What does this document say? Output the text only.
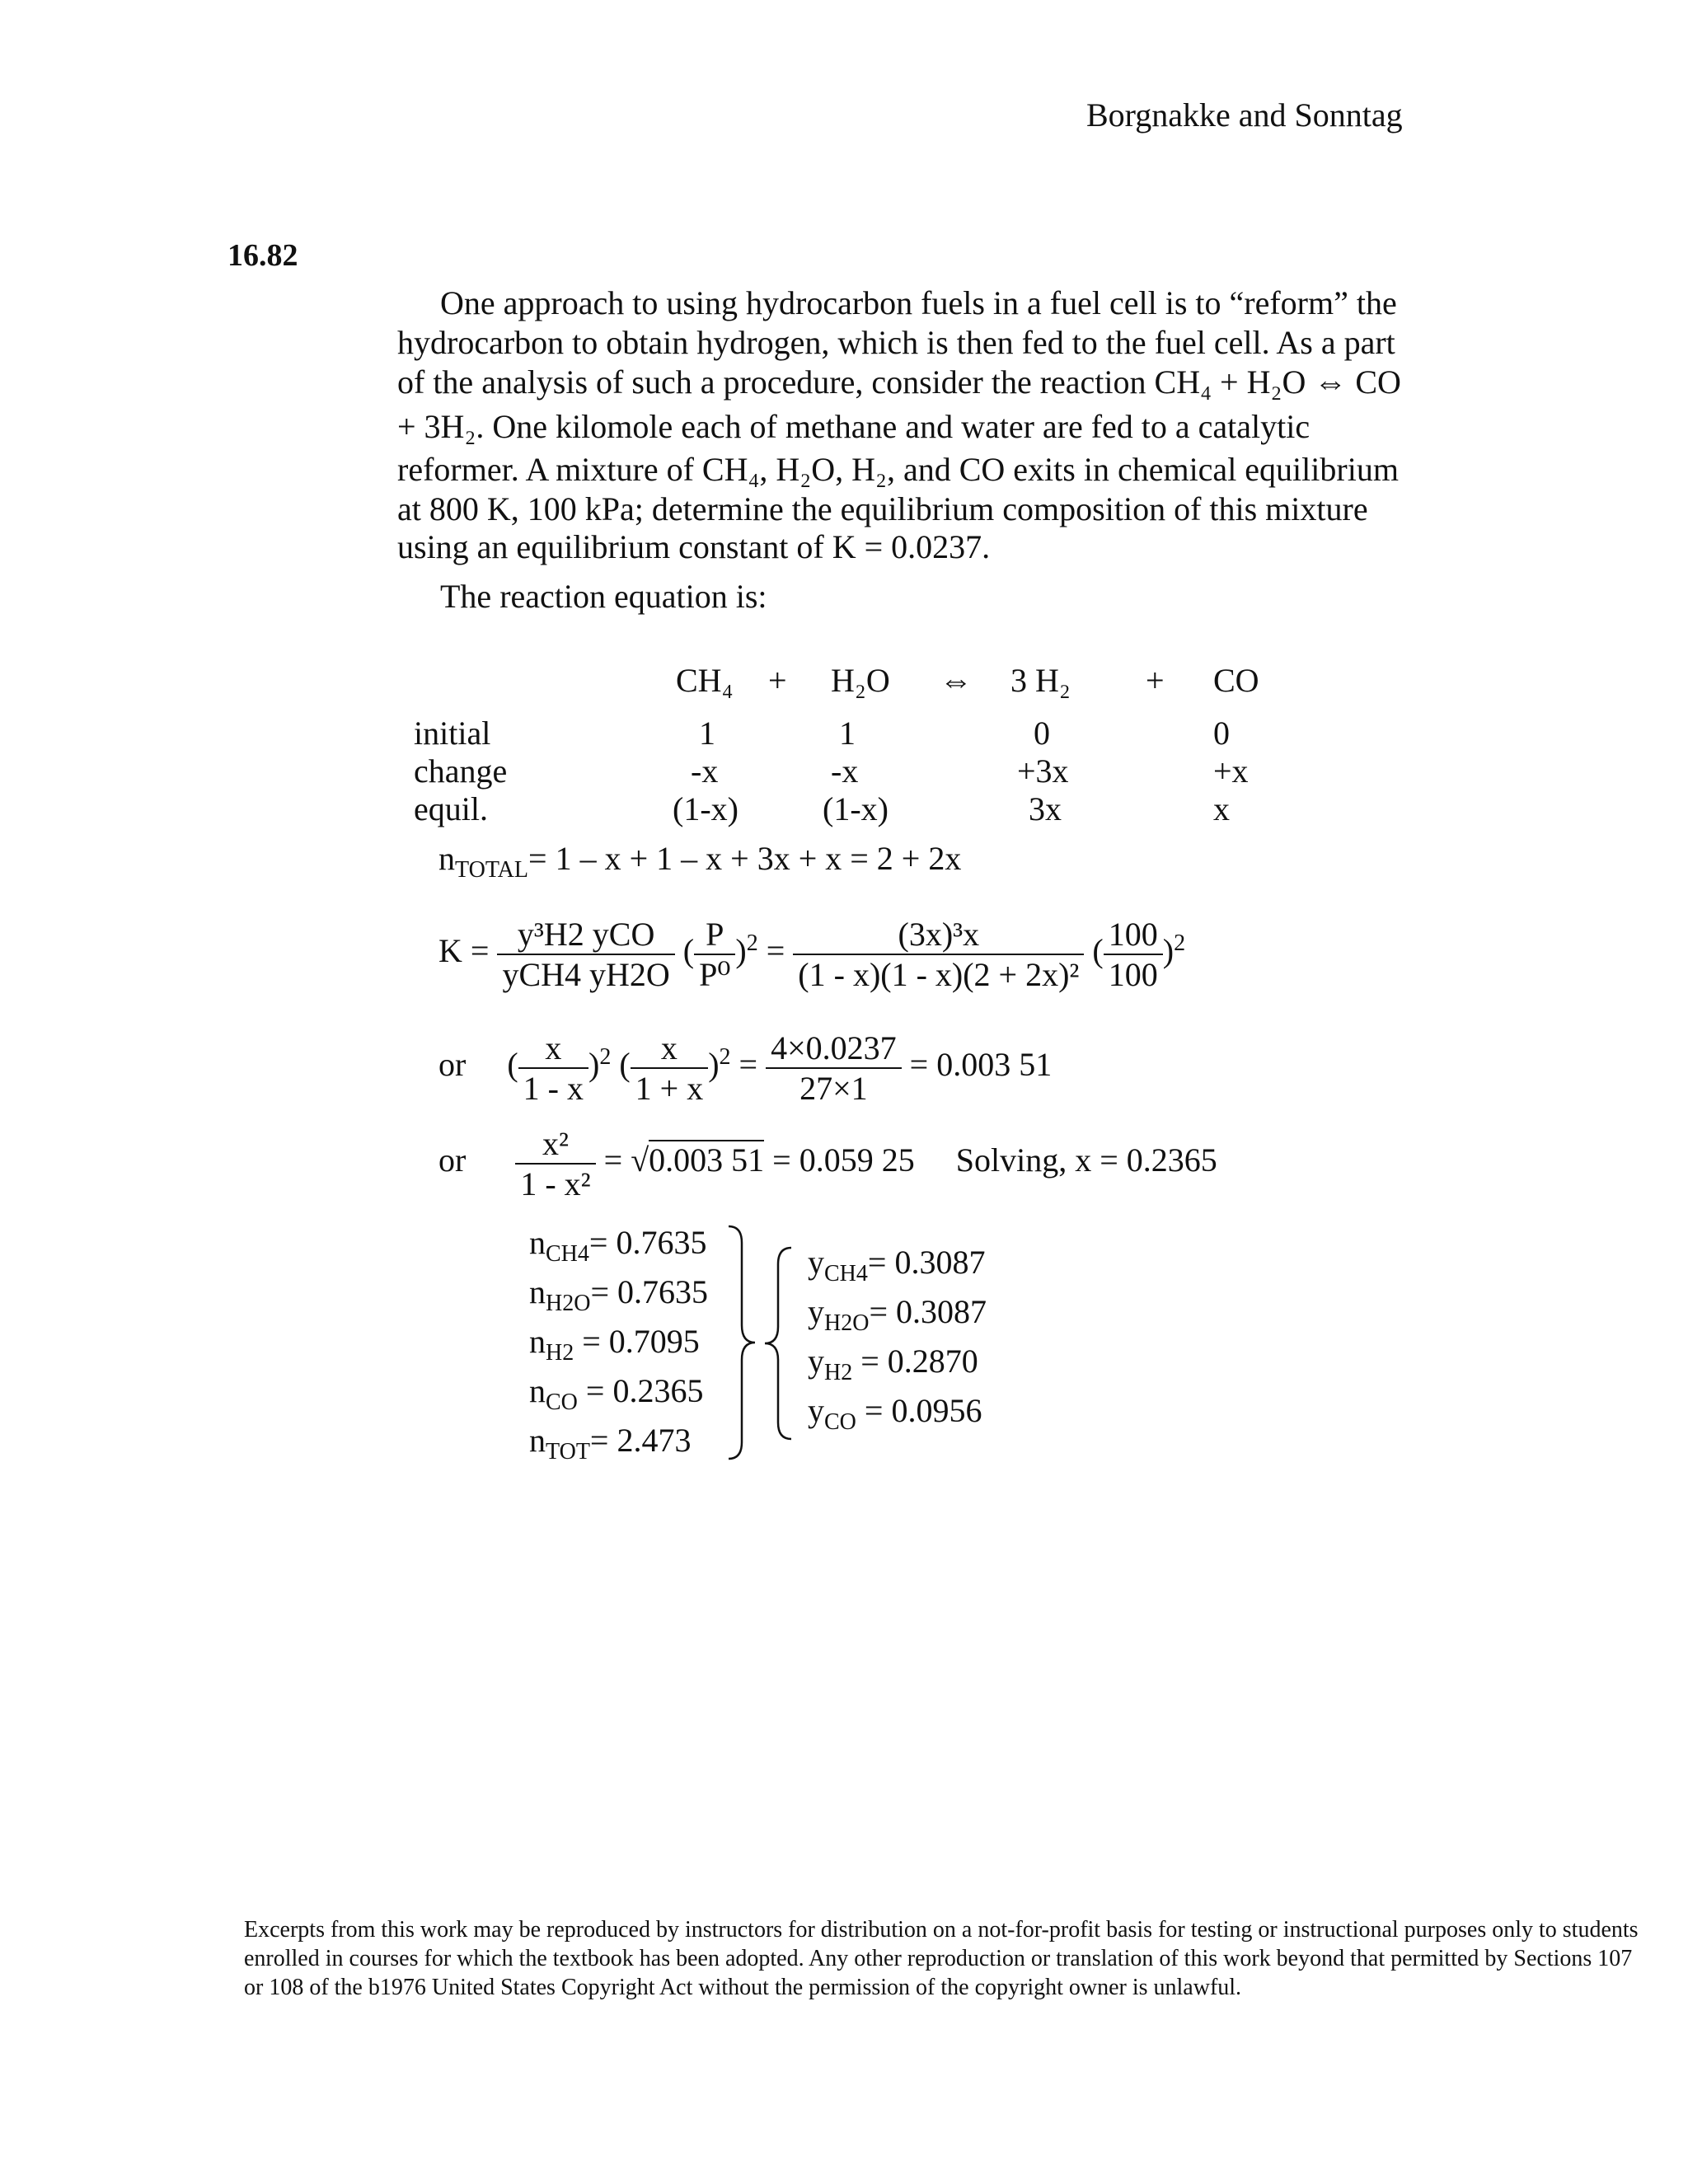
Borgnakke and Sonntag
16.82
One approach to using hydrocarbon fuels in a fuel cell is to “reform” the
hydrocarbon to obtain hydrogen, which is then fed to the fuel cell. As a part
of the analysis of such a procedure, consider the reaction CH₄ + H₂O ⇔ CO
+ 3H₂. One kilomole each of methane and water are fed to a catalytic
reformer. A mixture of CH₄, H₂O, H₂, and CO exits in chemical equilibrium
at 800 K, 100 kPa; determine the equilibrium composition of this mixture
using an equilibrium constant of K = 0.0237.
The reaction equation is:
CH₄ + H₂O ⇔ 3 H₂ + CO
initial	1	1	0	0
change	-x	-x	+3x	+x
equil.	(1-x)	(1-x)	3x	x
$n_{TOTAL}= 1 - x + 1 - x + 3x + x = 2 + 2x$
$K = \frac{\text{y³H2 yCO}}{\text{yCH4 yH2O}}$ ( $\frac{P}{\text{P⁰}} )^2 = \frac{\text{(3x)³x}}{\text{(1 - x)(1 - x)(2 + 2x)²}}$ ( $\frac{100}{100} )^2$
or ( $\frac{x}{1 - x} )^2$ ( $\frac{x}{1 + x} )^2 = \frac{4\times 0.0237}{27\times 1} = 0.003$ 51
or $\frac{\text{x²}}{\text{1 - x²}} = √0.003$ 51 = 0.059 25 Solving, x = 0.2365
$n_{CH4}= 0.7635$
$n_{H2O}= 0.7635$
$n_{H2} = 0.7095$
$n_{CO} = 0.2365$
$n_{TOT}= 2.473$
$y_{CH4}= 0.3087$
$y_{H2O}= 0.3087$
$y_{H2} = 0.2870$
$y_{CO} = 0.0956$
Excerpts from this work may be reproduced by instructors for distribution on a not-for-profit basis for testing or instructional purposes only to students enrolled in courses for which the textbook has been adopted. Any other reproduction or translation of this work beyond that permitted by Sections 107 or 108 of the b1976 United States Copyright Act without the permission of the copyright owner is unlawful.
